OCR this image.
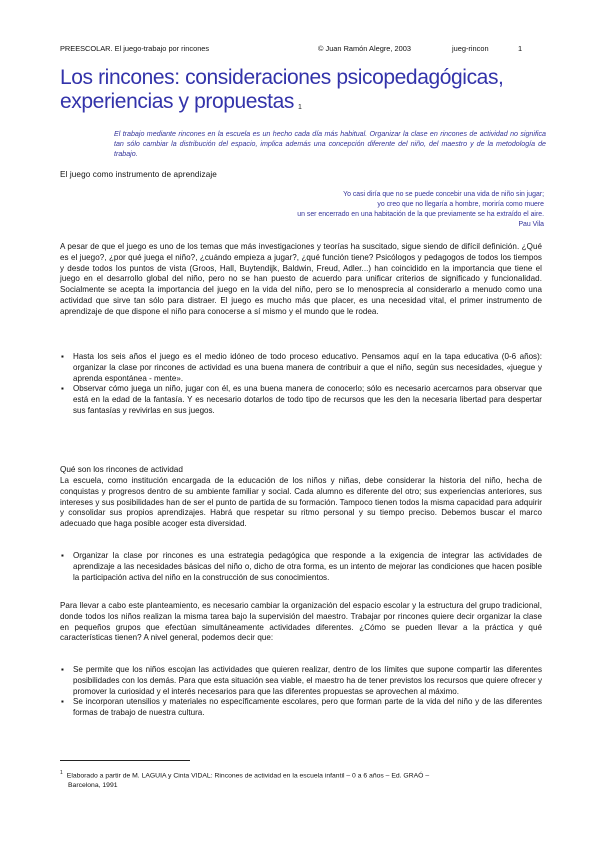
PREESCOLAR. El juego-trabajo por rincones	© Juan Ramón Alegre, 2003	jueg-rincon	1
Los rincones: consideraciones psicopedagógicas, experiencias y propuestas $^1$

El trabajo mediante rincones en la escuela es un hecho cada día más habitual. Organizar la clase en rincones de actividad no significa tan sólo cambiar la distribución del espacio, implica además una concepción diferente del niño, del maestro y de la metodología de trabajo.

El juego como instrumento de aprendizaje
Yo casi diría que no se puede concebir una vida de niño sin jugar;
yo creo que no llegaría a hombre, moriría como muere
un ser encerrado en una habitación de la que previamente se ha extraído el aire.
Pau Vila

A pesar de que el juego es uno de los temas que más investigaciones y teorías ha suscitado, sigue siendo de difícil definición. ¿Qué es el juego?, ¿por qué juega el niño?, ¿cuándo empieza a jugar?, ¿qué función tiene? Psicólogos y pedagogos de todos los tiempos y desde todos los puntos de vista (Groos, Hall, Buytendijk, Baldwin, Freud, Adler...) han coincidido en la importancia que tiene el juego en el desarrollo global del niño, pero no se han puesto de acuerdo para unificar criterios de significado y funcionalidad. Socialmente se acepta la importancia del juego en la vida del niño, pero se lo menosprecia al considerarlo a menudo como una actividad que sirve tan sólo para distraer. El juego es mucho más que placer, es una necesidad vital, el primer instrumento de aprendizaje de que dispone el niño para conocerse a sí mismo y el mundo que le rodea.

▪ Hasta los seis años el juego es el medio idóneo de todo proceso educativo. Pensamos aquí en la tapa educativa (0-6 años): organizar la clase por rincones de actividad es una buena manera de contribuir a que el niño, según sus necesidades, «juegue y aprenda espontánea - mente».
▪ Observar cómo juega un niño, jugar con él, es una buena manera de conocerlo; sólo es necesario acercarnos para observar que está en la edad de la fantasía. Y es necesario dotarlos de todo tipo de recursos que les den la necesaria libertad para despertar sus fantasías y revivirlas en sus juegos.
Qué son los rincones de actividad

La escuela, como institución encargada de la educación de los niños y niñas, debe considerar la historia del niño, hecha de conquistas y progresos dentro de su ambiente familiar y social. Cada alumno es diferente del otro; sus experiencias anteriores, sus intereses y sus posibilidades han de ser el punto de partida de su formación. Tampoco tienen todos la misma capacidad para adquirir y consolidar sus propios aprendizajes. Habrá que respetar su ritmo personal y su tiempo preciso. Debemos buscar el marco adecuado que haga posible acoger esta diversidad.

▪ Organizar la clase por rincones es una estrategia pedagógica que responde a la exigencia de integrar las actividades de aprendizaje a las necesidades básicas del niño o, dicho de otra forma, es un intento de mejorar las condiciones que hacen posible la participación activa del niño en la construcción de sus conocimientos.

Para llevar a cabo este planteamiento, es necesario cambiar la organización del espacio escolar y la estructura del grupo tradicional, donde todos los niños realizan la misma tarea bajo la supervisión del maestro. Trabajar por rincones quiere decir organizar la clase en pequeños grupos que efectúan simultáneamente actividades diferentes. ¿Cómo se pueden llevar a la práctica y qué características tienen? A nivel general, podemos decir que:

▪ Se permite que los niños escojan las actividades que quieren realizar, dentro de los límites que supone compartir las diferentes posibilidades con los demás. Para que esta situación sea viable, el maestro ha de tener previstos los recursos que quiere ofrecer y promover la curiosidad y el interés necesarios para que las diferentes propuestas se aprovechen al máximo.
▪ Se incorporan utensilios y materiales no específicamente escolares, pero que forman parte de la vida del niño y de las diferentes formas de trabajo de nuestra cultura.

$^1$ Elaborado a partir de M. LAGUIA y Cinta VIDAL: Rincones de actividad en la escuela infantil – 0 a 6 años – Ed. GRAÓ –
Barcelona, 1991
